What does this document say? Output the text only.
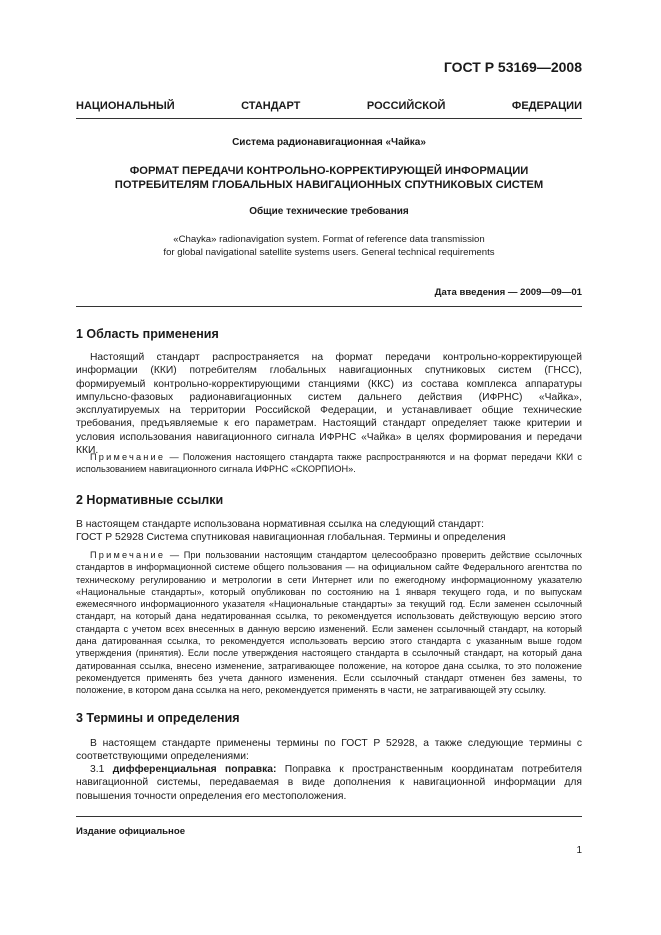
ГОСТ Р 53169—2008
НАЦИОНАЛЬНЫЙ СТАНДАРТ РОССИЙСКОЙ ФЕДЕРАЦИИ
Система радионавигационная «Чайка»
ФОРМАТ ПЕРЕДАЧИ КОНТРОЛЬНО-КОРРЕКТИРУЮЩЕЙ ИНФОРМАЦИИ
ПОТРЕБИТЕЛЯМ ГЛОБАЛЬНЫХ НАВИГАЦИОННЫХ СПУТНИКОВЫХ СИСТЕМ
Общие технические требования
«Chayka» radionavigation system. Format of reference data transmission
for global navigational satellite systems users. General technical requirements
Дата введения — 2009—09—01
1 Область применения
Настоящий стандарт распространяется на формат передачи контрольно-корректирующей информации (ККИ) потребителям глобальных навигационных спутниковых систем (ГНСС), формируемый контрольно-корректирующими станциями (ККС) из состава комплекса аппаратуры импульсно-фазовых радионавигационных систем дальнего действия (ИФРНС) «Чайка», эксплуатируемых на территории Российской Федерации, и устанавливает общие технические требования, предъявляемые к его параметрам. Настоящий стандарт определяет также критерии и условия использования навигационного сигнала ИФРНС «Чайка» в целях формирования и передачи ККИ.
Примечание — Положения настоящего стандарта также распространяются и на формат передачи ККИ с использованием навигационного сигнала ИФРНС «СКОРПИОН».
2 Нормативные ссылки
В настоящем стандарте использована нормативная ссылка на следующий стандарт:
ГОСТ Р 52928 Система спутниковая навигационная глобальная. Термины и определения
Примечание — При пользовании настоящим стандартом целесообразно проверить действие ссылочных стандартов в информационной системе общего пользования — на официальном сайте Федерального агентства по техническому регулированию и метрологии в сети Интернет или по ежегодному информационному указателю «Национальные стандарты», который опубликован по состоянию на 1 января текущего года, и по выпускам ежемесячного информационного указателя «Национальные стандарты» за текущий год. Если заменен ссылочный стандарт, на который дана недатированная ссылка, то рекомендуется использовать действующую версию этого стандарта с учетом всех внесенных в данную версию изменений. Если заменен ссылочный стандарт, на который дана датированная ссылка, то рекомендуется использовать версию этого стандарта с указанным выше годом утверждения (принятия). Если после утверждения настоящего стандарта в ссылочный стандарт, на который дана датированная ссылка, внесено изменение, затрагивающее положение, на которое дана ссылка, то это положение рекомендуется применять без учета данного изменения. Если ссылочный стандарт отменен без замены, то положение, в котором дана ссылка на него, рекомендуется применять в части, не затрагивающей эту ссылку.
3 Термины и определения
В настоящем стандарте применены термины по ГОСТ Р 52928, а также следующие термины с соответствующими определениями:
3.1 дифференциальная поправка: Поправка к пространственным координатам потребителя навигационной системы, передаваемая в виде дополнения к навигационной информации для повышения точности определения его местоположения.
Издание официальное
1
